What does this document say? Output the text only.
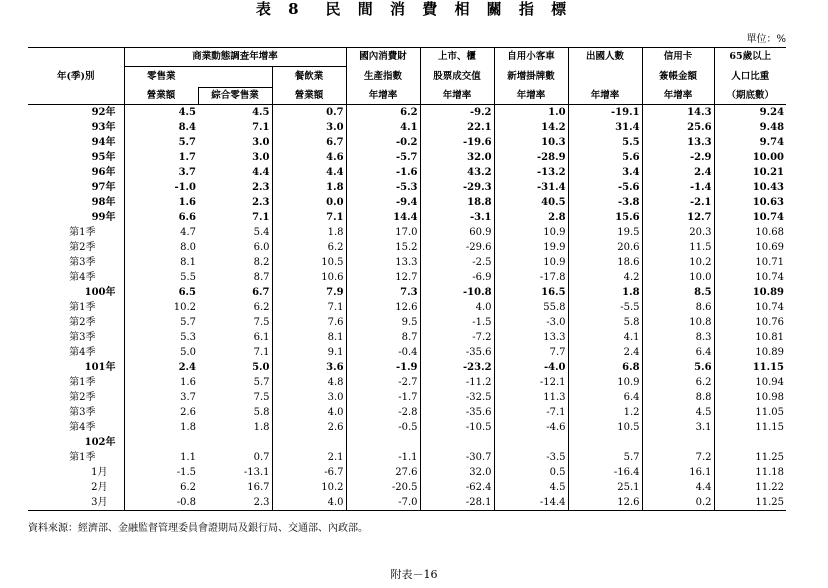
表 8　民 間 消 費 相 關 指 標
單位：%
	商業動態調查年增率			國內消費財	上市、櫃	自用小客車	出國人數	信用卡	65歲以上
年(季)別	零售業		餐飲業	生產指數	股票成交值	新增掛牌數		簽帳金額	人口比重
	營業額	綜合零售業	營業額	年增率	年增率	年增率	年增率	年增率	（期底數）
92年	4.5	4.5	0.7	6.2	-9.2	1.0	-19.1	14.3	9.24
93年	8.4	7.1	3.0	4.1	22.1	14.2	31.4	25.6	9.48
94年	5.7	3.0	6.7	-0.2	-19.6	10.3	5.5	13.3	9.74
95年	1.7	3.0	4.6	-5.7	32.0	-28.9	5.6	-2.9	10.00
96年	3.7	4.4	4.4	-1.6	43.2	-13.2	3.4	2.4	10.21
97年	-1.0	2.3	1.8	-5.3	-29.3	-31.4	-5.6	-1.4	10.43
98年	1.6	2.3	0.0	-9.4	18.8	40.5	-3.8	-2.1	10.63
99年	6.6	7.1	7.1	14.4	-3.1	2.8	15.6	12.7	10.74
第1季	4.7	5.4	1.8	17.0	60.9	10.9	19.5	20.3	10.68
第2季	8.0	6.0	6.2	15.2	-29.6	19.9	20.6	11.5	10.69
第3季	8.1	8.2	10.5	13.3	-2.5	10.9	18.6	10.2	10.71
第4季	5.5	8.7	10.6	12.7	-6.9	-17.8	4.2	10.0	10.74
100年	6.5	6.7	7.9	7.3	-10.8	16.5	1.8	8.5	10.89
第1季	10.2	6.2	7.1	12.6	4.0	55.8	-5.5	8.6	10.74
第2季	5.7	7.5	7.6	9.5	-1.5	-3.0	5.8	10.8	10.76
第3季	5.3	6.1	8.1	8.7	-7.2	13.3	4.1	8.3	10.81
第4季	5.0	7.1	9.1	-0.4	-35.6	7.7	2.4	6.4	10.89
101年	2.4	5.0	3.6	-1.9	-23.2	-4.0	6.8	5.6	11.15
第1季	1.6	5.7	4.8	-2.7	-11.2	-12.1	10.9	6.2	10.94
第2季	3.7	7.5	3.0	-1.7	-32.5	11.3	6.4	8.8	10.98
第3季	2.6	5.8	4.0	-2.8	-35.6	-7.1	1.2	4.5	11.05
第4季	1.8	1.8	2.6	-0.5	-10.5	-4.6	10.5	3.1	11.15
102年									
第1季	1.1	0.7	2.1	-1.1	-30.7	-3.5	5.7	7.2	11.25
1月	-1.5	-13.1	-6.7	27.6	32.0	0.5	-16.4	16.1	11.18
2月	6.2	16.7	10.2	-20.5	-62.4	4.5	25.1	4.4	11.22
3月	-0.8	2.3	4.0	-7.0	-28.1	-14.4	12.6	0.2	11.25
資料來源：經濟部、金融監督管理委員會證期局及銀行局、交通部、內政部。
附表－16
